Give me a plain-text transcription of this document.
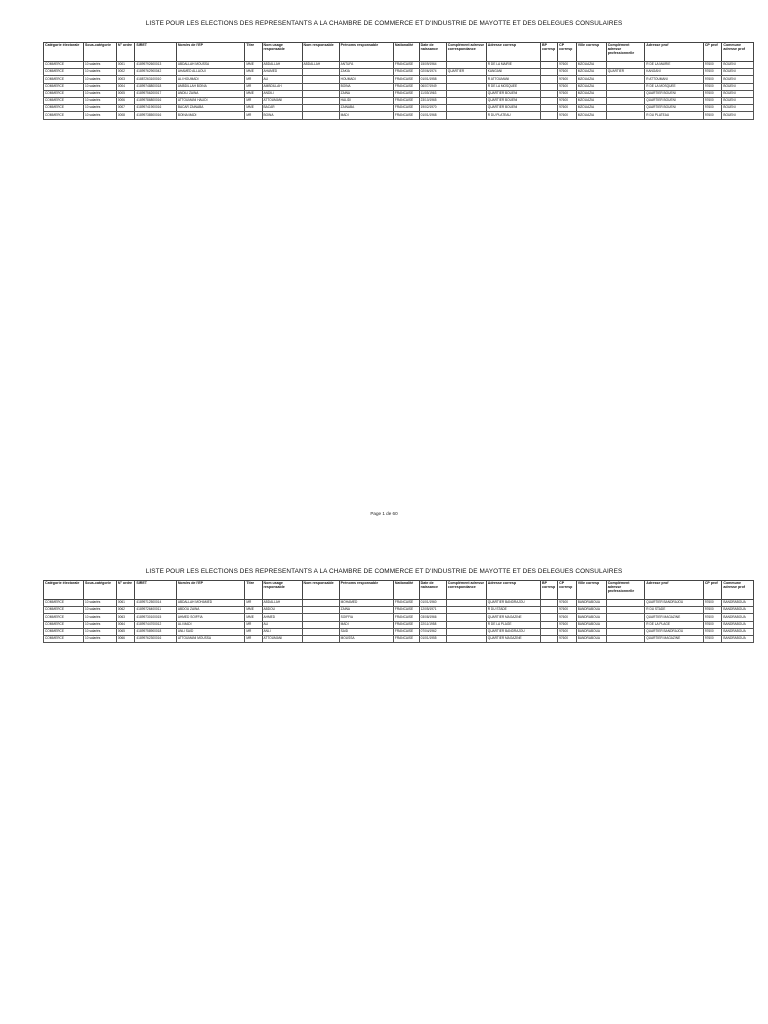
LISTE POUR LES ELECTIONS DES REPRESENTANTS A LA CHAMBRE DE COMMERCE ET D'INDUSTRIE DE MAYOTTE ET DES DELEGUES CONSULAIRES
Catégorie électorale	Sous-catégorie	N° ordre	SIRET	Nom/rs de l'EP	Titre	Nom usage responsable	Nom responsable	Prénoms responsable	Nationalité	Date de naissance	Complément adresse correspondance	Adresse corresp	BP corresp	CP corresp	Ville corresp	Complément adresse professionnelle	Adresse prof	CP prof	Commune adresse prof
COMMERCE	10 salariés	0001	41899792600013	ABDALLAH MOUSSA	MME	ABDALLAH	ABDALLAH	ANTUFA	FRANCAISE	15/09/1964		R DE LA MAIRIE		97600	MZOUAZIA		R DE LA MAIRIE	97600	BOUENI
COMMERCE	10 salariés	0002	41899762900042	AHAMED ALLAOUI	MME	AHAMED		ZAKIA	FRANCAISE	02/06/1974	QUARTIER	KANGANI		97600	MZOUAZIA	QUARTIER	KANGANI	97600	BOUENI
COMMERCE	10 salariés	0003	41887263100010	ALI HOUMADI	MR	ALI		HOUMADI	FRANCAISE	01/01/1958		R ATTOUMANI		97600	MZOUAZIA		R ATTOUMANI	97600	BOUENI
COMMERCE	10 salariés	0004	41899748800018	AMBDILLAH BOINA	MR	AMBDILLAH		BOINA	FRANCAISE	06/07/1949		R DE LA MOSQUEE		97600	MZOUAZIA		R DE LA MOSQUEE	97600	BOUENI
COMMERCE	10 salariés	0005	41899756200017	ANDILI ZAINA	MME	ANDILI		ZAINA	FRANCAISE	11/03/1963		QUARTIER BOUENI		97600	MZOUAZIA		QUARTIER BOUENI	97600	BOUENI
COMMERCE	10 salariés	0006	41899786800016	ATTOUMANI HALIDI	MR	ATTOUMANI		HALIDI	FRANCAISE	23/10/1965		QUARTIER BOUENI		97600	MZOUAZIA		QUARTIER BOUENI	97600	BOUENI
COMMERCE	10 salariés	0007	41899741900016	BACAR ZAINABA	MME	BACAR		ZAINABA	FRANCAISE	19/02/1970		QUARTIER BOUENI		97600	MZOUAZIA		QUARTIER BOUENI	97600	BOUENI
COMMERCE	10 salariés	0008	41899738500016	BOINA MADI	MR	BOINA		MADI	FRANCAISE	01/01/1968		R DU PLATEAU		97600	MZOUAZIA		R DU PLATEAU	97600	BOUENI
Page 1 de 60
LISTE POUR LES ELECTIONS DES REPRESENTANTS A LA CHAMBRE DE COMMERCE ET D'INDUSTRIE DE MAYOTTE ET DES DELEGUES CONSULAIRES
Catégorie électorale	Sous-catégorie	N° ordre	SIRET	Nom/rs de l'EP	Titre	Nom usage responsable	Nom responsable	Prénoms responsable	Nationalité	Date de naissance	Complément adresse correspondance	Adresse corresp	BP corresp	CP corresp	Ville corresp	Complément adresse professionnelle	Adresse prof	CP prof	Commune adresse prof
COMMERCE	10 salariés	0061	41899712500014	ABDALLAH MOHAMED	MR	ABDALLAH		MOHAMED	FRANCAISE	01/01/1960		QUARTIER BANDRAJOU		97600	BANDRABOUA		QUARTIER BANDRAJOU	97600	BANDRABOUA
COMMERCE	10 salariés	0062	41899726400011	ABDOU ZAINA	MME	ABDOU		ZAINA	FRANCAISE	12/05/1971		R DU STADE		97600	BANDRABOUA		R DU STADE	97600	BANDRABOUA
COMMERCE	10 salariés	0063	41899730100015	AHMED SOIFFIA	MME	AHMED		SOIFFIA	FRANCAISE	03/08/1966		QUARTIER MAGAZINE		97600	BANDRABOUA		QUARTIER MAGAZINE	97600	BANDRABOUA
COMMERCE	10 salariés	0064	41899744700012	ALI MADI	MR	ALI		MADI	FRANCAISE	22/11/1958		R DE LA PLAGE		97600	BANDRABOUA		R DE LA PLAGE	97600	BANDRABOUA
COMMERCE	10 salariés	0065	41899758900018	ANLI SAID	MR	ANLI		SAID	FRANCAISE	07/04/1962		QUARTIER BANDRAJOU		97600	BANDRABOUA		QUARTIER BANDRAJOU	97600	BANDRABOUA
COMMERCE	10 salariés	0066	41899762300016	ATTOUMANI MOUSSA	MR	ATTOUMANI		MOUSSA	FRANCAISE	01/01/1955		QUARTIER MAGAZINE		97600	BANDRABOUA		QUARTIER MAGAZINE	97600	BANDRABOUA
